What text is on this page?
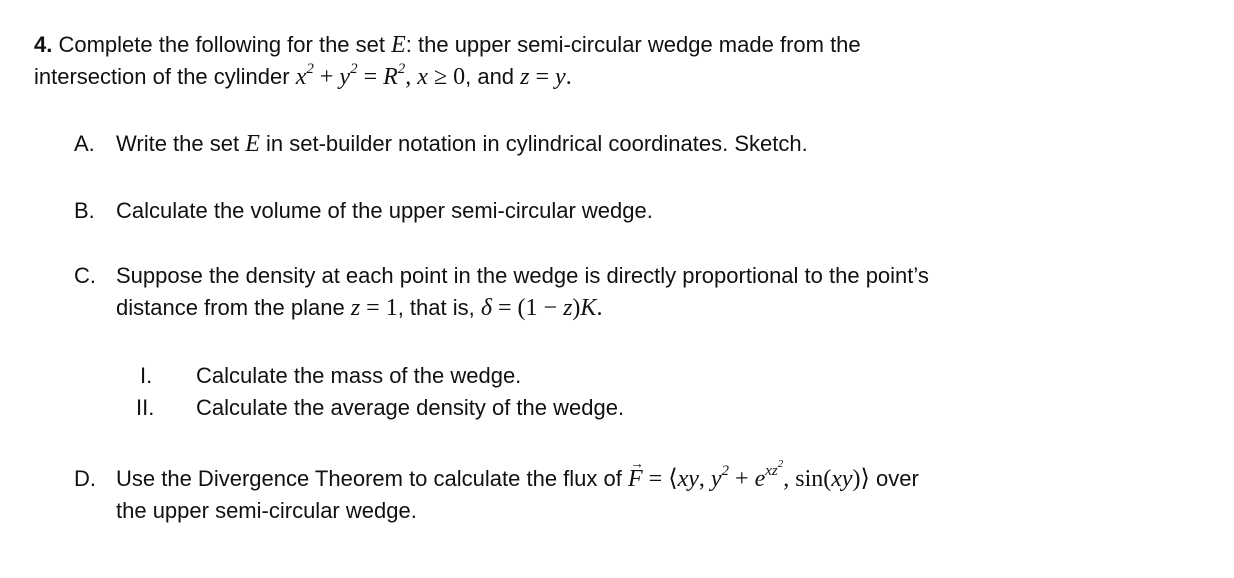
4. Complete the following for the set E: the upper semi-circular wedge made from the
intersection of the cylinder $x^2 + y^2 = R^2$, x ≥ 0, and z = y.
A. Write the set E in set-builder notation in cylindrical coordinates. Sketch.
B. Calculate the volume of the upper semi-circular wedge.
C. Suppose the density at each point in the wedge is directly proportional to the point’s
distance from the plane z = 1, that is, δ = (1 − z)K.
I. Calculate the mass of the wedge.
II. Calculate the average density of the wedge.
D. Use the Divergence Theorem to calculate the flux of → F = ⟨xy, $y^2 + e^{xz^2}$, sin(xy)⟩ over
the upper semi-circular wedge.
